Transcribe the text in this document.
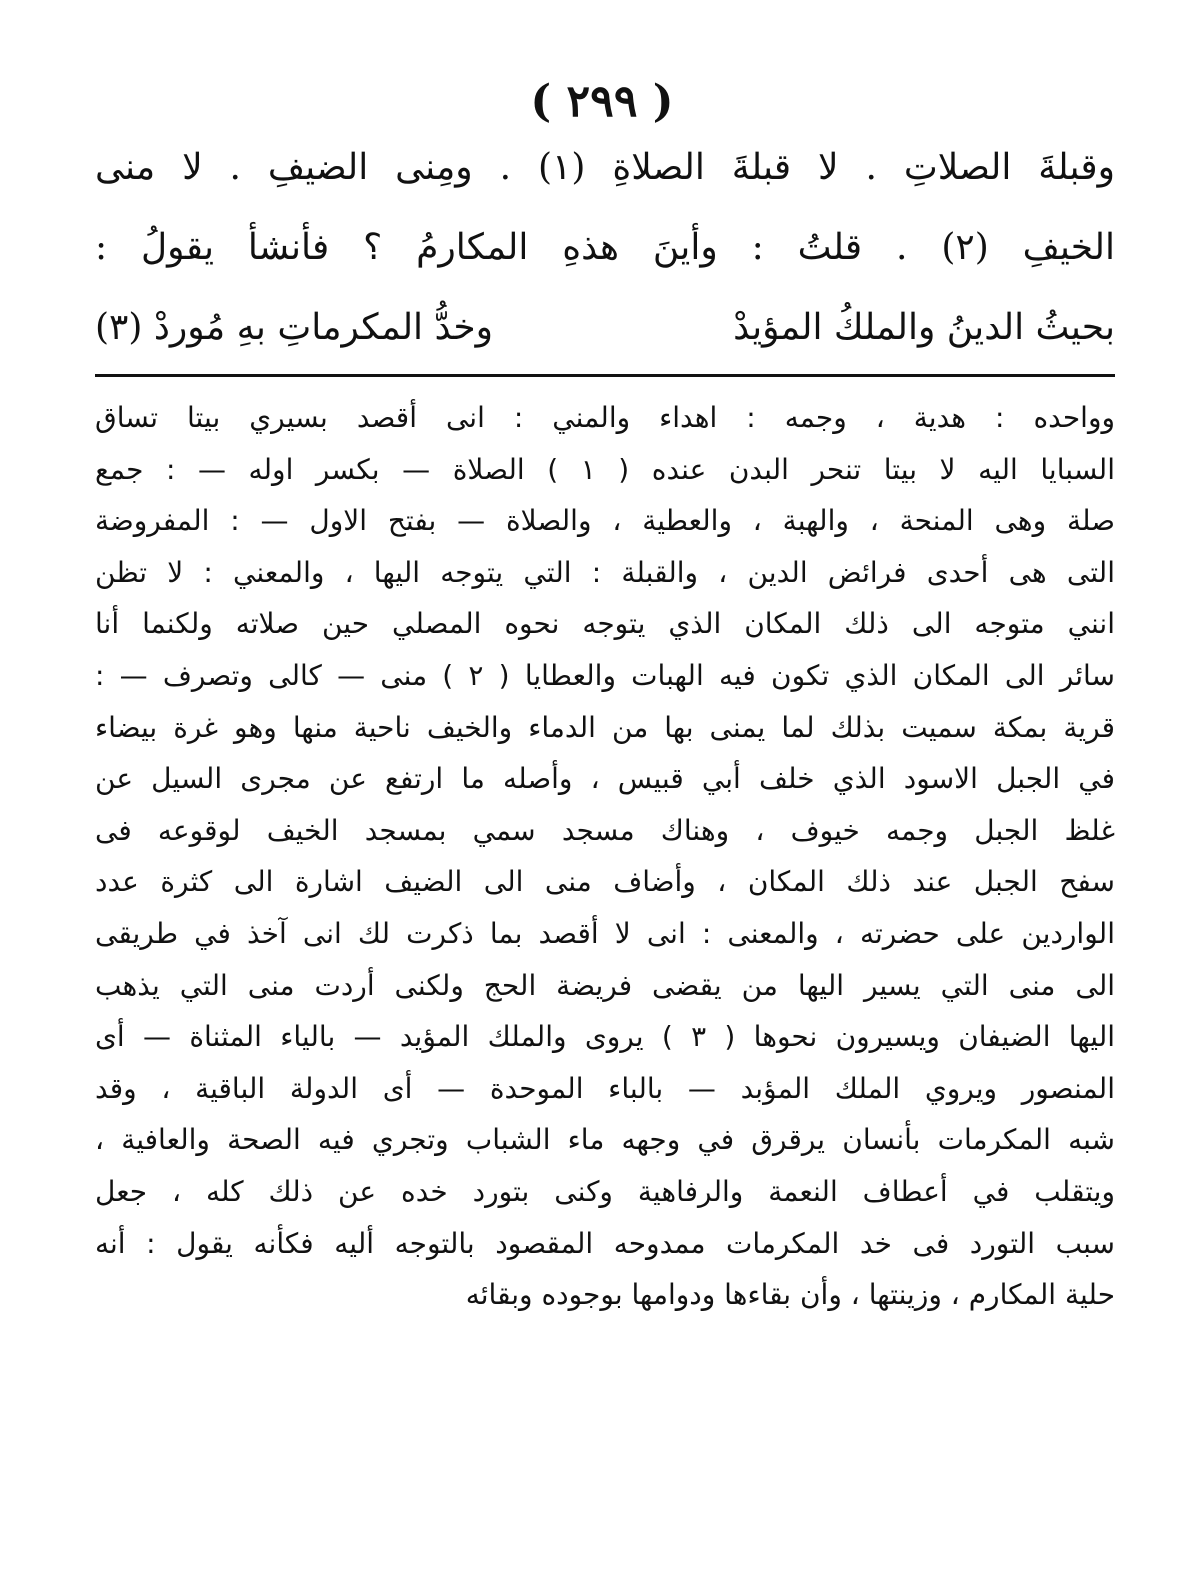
( ٢٩٩ )
وقبلةَ الصلاتِ . لا قبلةَ الصلاةِ (١) . ومِنى الضيفِ . لا منى
الخيفِ (٢) . قلتُ : وأينَ هذهِ المكارمُ ؟ فأنشأ يقولُ :
بحيثُ الدينُ والملكُ المؤيدْ
وخدُّ المكرماتِ بهِ مُوردْ (٣)
وواحده : هدية ، وجمه : اهداء والمني : انى أقصد بسيري بيتا تساق
السبايا اليه لا بيتا تنحر البدن عنده ( ١ ) الصلاة — بكسر اوله — : جمع
صلة وهى المنحة ، والهبة ، والعطية ، والصلاة — بفتح الاول — : المفروضة
التى هى أحدى فرائض الدين ، والقبلة : التي يتوجه اليها ، والمعني : لا تظن
انني متوجه الى ذلك المكان الذي يتوجه نحوه المصلي حين صلاته ولكنما أنا
سائر الى المكان الذي تكون فيه الهبات والعطايا ( ٢ ) منى — كالى وتصرف — :
قرية بمكة سميت بذلك لما يمنى بها من الدماء والخيف ناحية منها وهو غرة بيضاء
في الجبل الاسود الذي خلف أبي قبيس ، وأصله ما ارتفع عن مجرى السيل عن
غلظ الجبل وجمه خيوف ، وهناك مسجد سمي بمسجد الخيف لوقوعه فى
سفح الجبل عند ذلك المكان ، وأضاف منى الى الضيف اشارة الى كثرة عدد
الواردين على حضرته ، والمعنى : انى لا أقصد بما ذكرت لك انى آخذ في طريقى
الى منى التي يسير اليها من يقضى فريضة الحج ولكنى أردت منى التي يذهب
اليها الضيفان ويسيرون نحوها ( ٣ ) يروى والملك المؤيد — بالياء المثناة — أى
المنصور ويروي الملك المؤبد — بالباء الموحدة — أى الدولة الباقية ، وقد
شبه المكرمات بأنسان يرقرق في وجهه ماء الشباب وتجري فيه الصحة والعافية ،
ويتقلب في أعطاف النعمة والرفاهية وكنى بتورد خده عن ذلك كله ، جعل
سبب التورد فى خد المكرمات ممدوحه المقصود بالتوجه أليه فكأنه يقول : أنه
حلية المكارم ، وزينتها ، وأن بقاءها ودوامها بوجوده وبقائه
